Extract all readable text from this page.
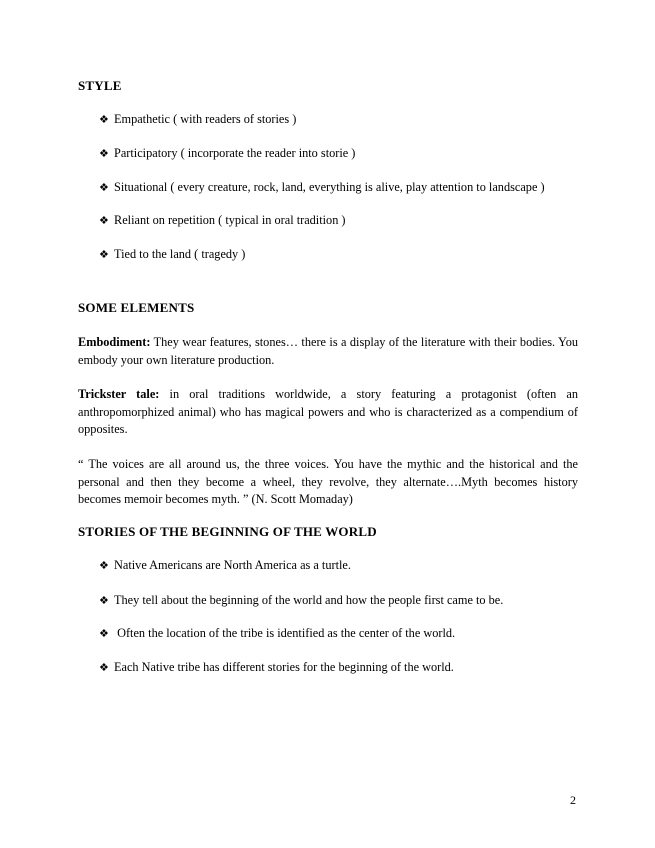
STYLE
❖ Empathetic ( with readers of stories )
❖ Participatory ( incorporate the reader into storie )
❖ Situational ( every creature, rock, land, everything is alive, play attention to landscape )
❖ Reliant on repetition ( typical in oral tradition )
❖ Tied to the land ( tragedy )
SOME ELEMENTS

Embodiment: They wear features, stones… there is a display of the literature with their bodies. You embody your own literature production.

Trickster tale: in oral traditions worldwide, a story featuring a protagonist (often an anthropomorphized animal) who has magical powers and who is characterized as a compendium of opposites.

“ The voices are all around us, the three voices. You have the mythic and the historical and the personal and then they become a wheel, they revolve, they alternate….Myth becomes history becomes memoir becomes myth. ” (N. Scott Momaday)

STORIES OF THE BEGINNING OF THE WORLD
❖ Native Americans are North America as a turtle.
❖ They tell about the beginning of the world and how the people first came to be.
❖ Often the location of the tribe is identified as the center of the world.
❖ Each Native tribe has different stories for the beginning of the world.
2
